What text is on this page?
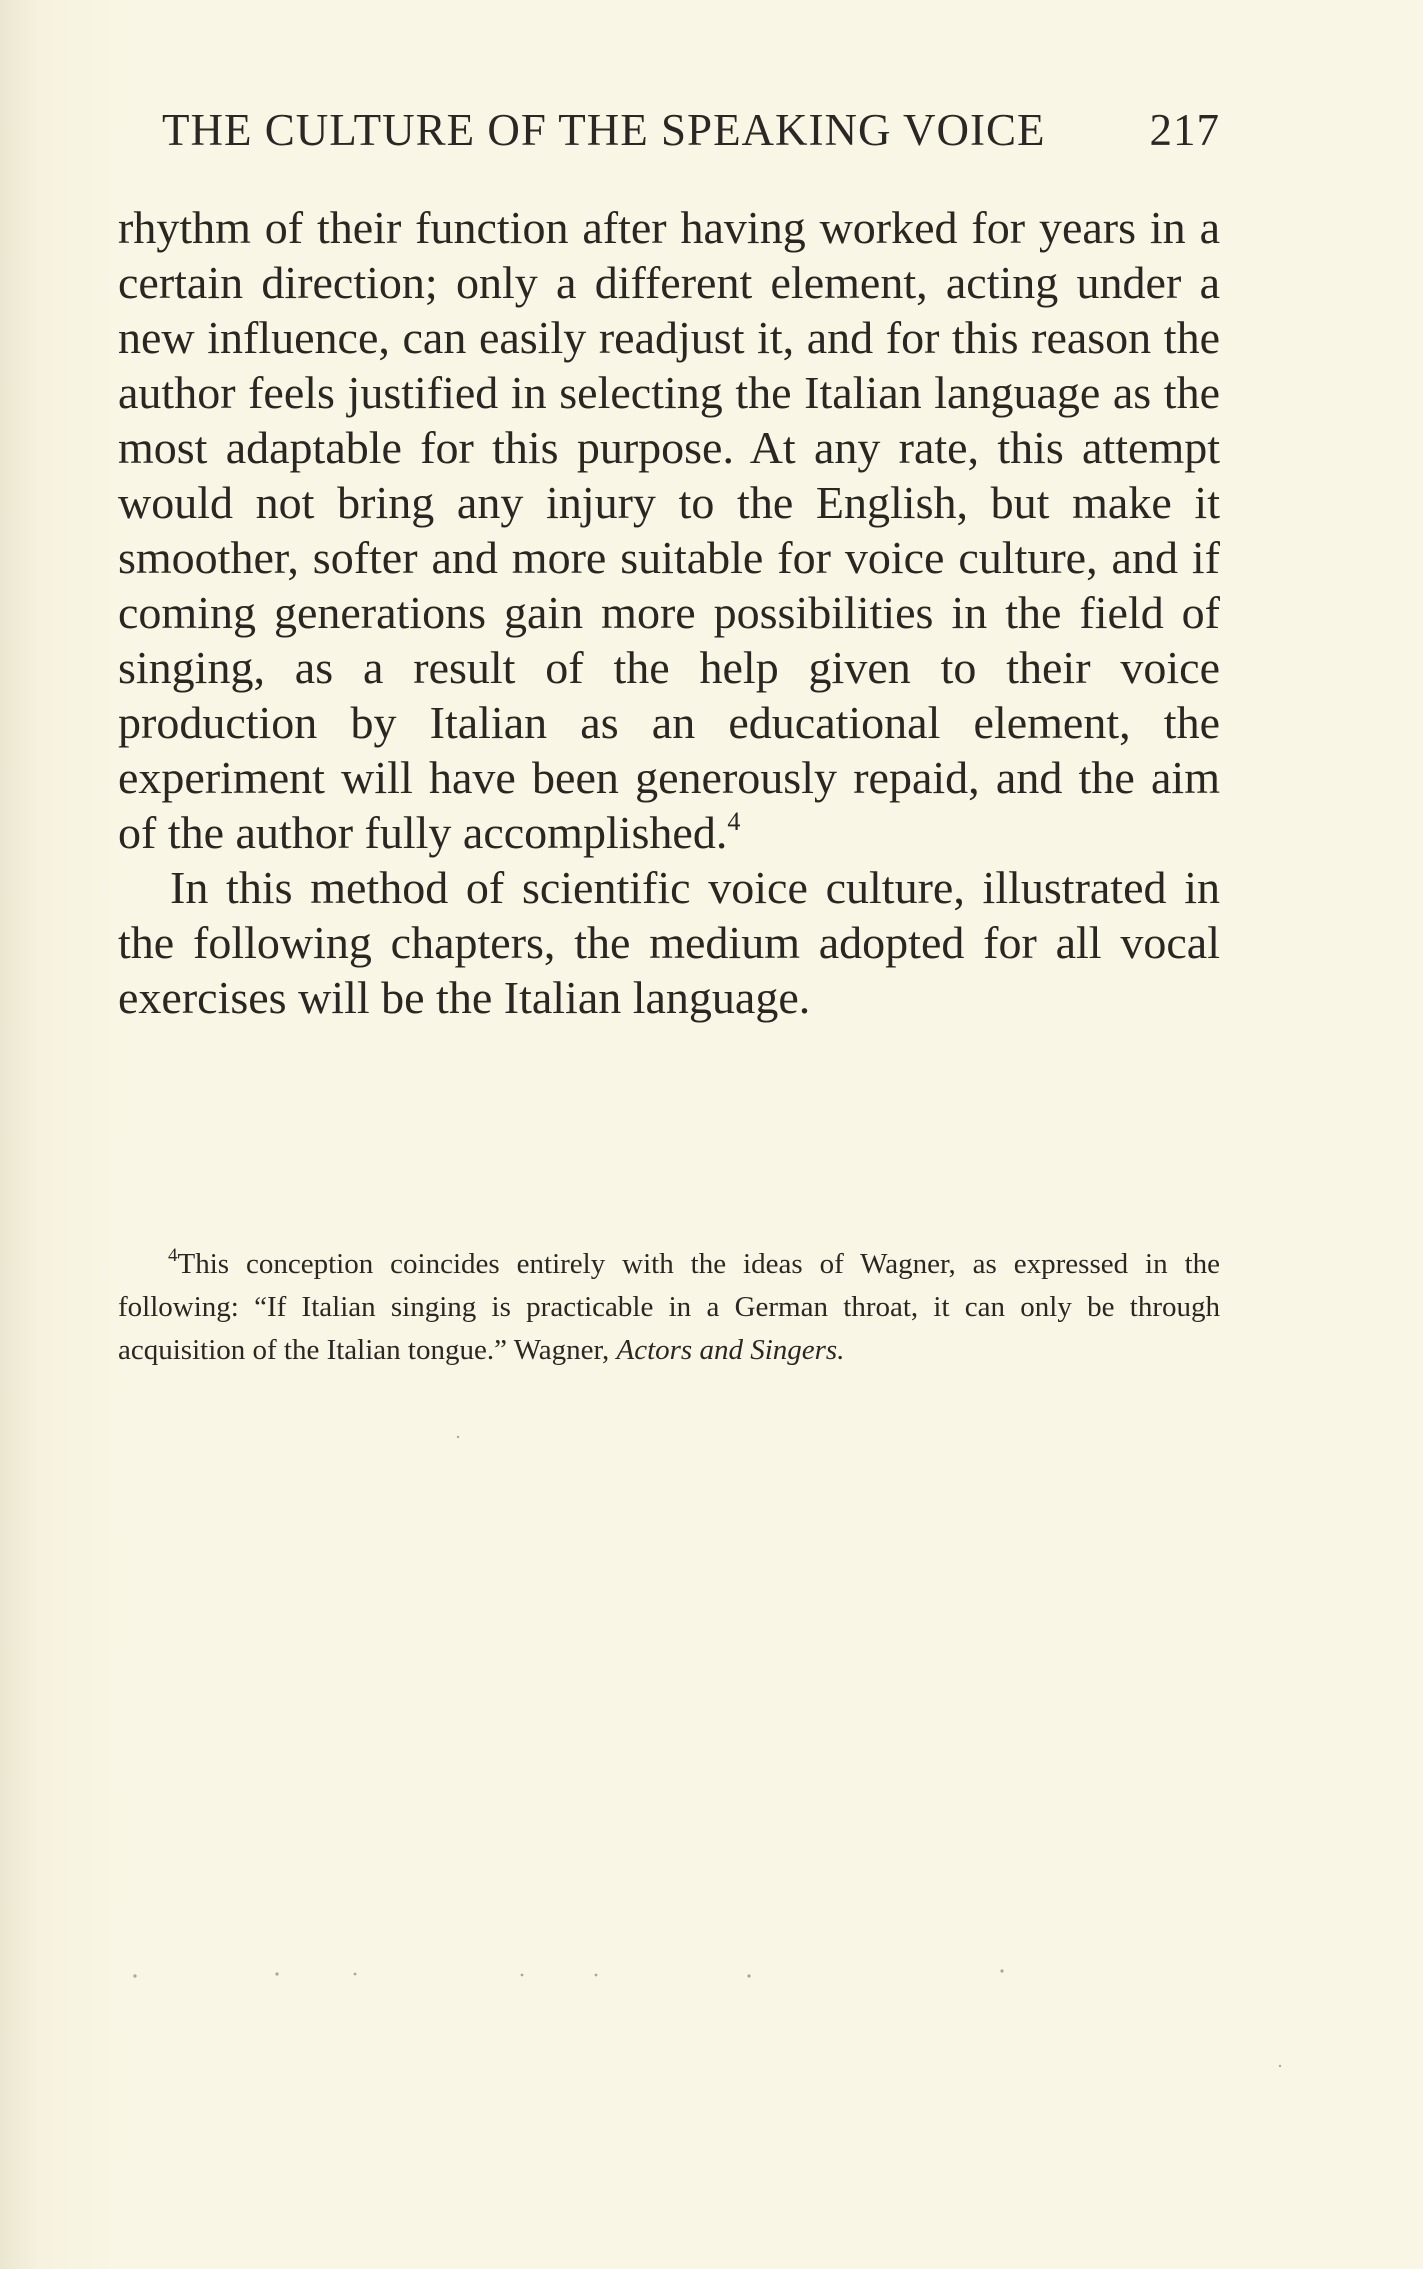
THE CULTURE OF THE SPEAKING VOICE 217

rhythm of their function after having worked for years in a certain direction; only a different element, acting under a new influence, can easily readjust it, and for this reason the author feels justified in selecting the Italian language as the most adaptable for this purpose. At any rate, this attempt would not bring any injury to the English, but make it smoother, softer and more suitable for voice culture, and if coming generations gain more possibilities in the field of singing, as a result of the help given to their voice production by Italian as an educational element, the experiment will have been generously repaid, and the aim of the author fully accomplished.$^4$

In this method of scientific voice culture, illustrated in the following chapters, the medium adopted for all vocal exercises will be the Italian language.

$^4$This conception coincides entirely with the ideas of Wagner, as expressed in the following: “If Italian singing is practicable in a German throat, it can only be through acquisition of the Italian tongue.” Wagner, Actors and Singers.
